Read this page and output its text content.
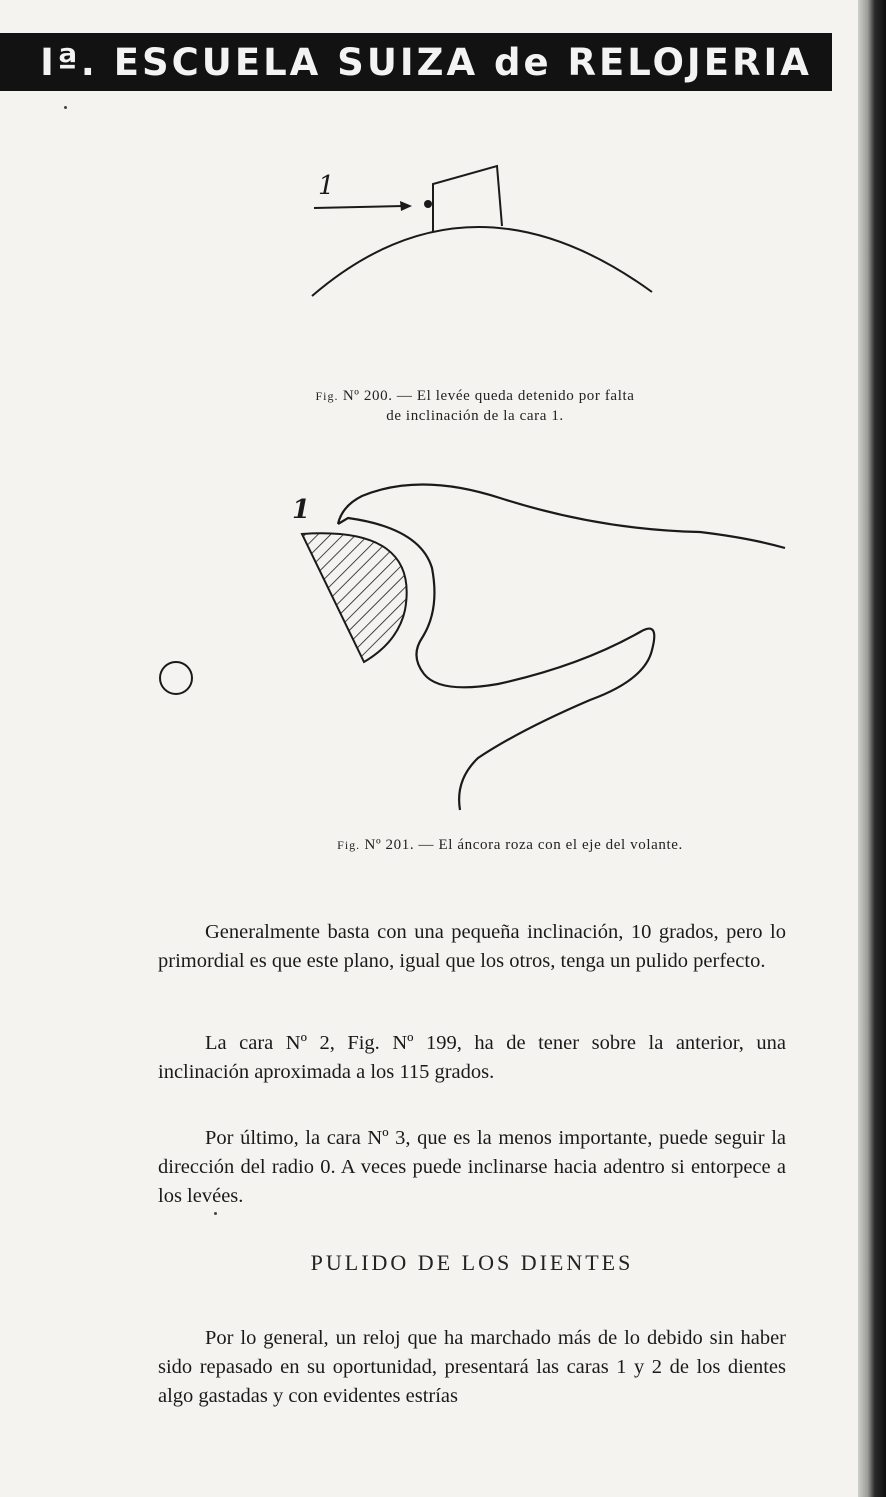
Iª. ESCUELA SUIZA de RELOJERIA
1
Fig. Nº 200. — El levée queda detenido por falta
de inclinación de la cara 1.
1
Fig. Nº 201. — El áncora roza con el eje del volante.

Generalmente basta con una pequeña inclinación, 10 grados, pero lo primordial es que este plano, igual que los otros, tenga un pulido perfecto.

La cara Nº 2, Fig. Nº 199, ha de tener sobre la anterior, una inclinación aproximada a los 115 grados.

Por último, la cara Nº 3, que es la menos importante, puede seguir la dirección del radio 0. A veces puede inclinarse hacia adentro si entorpece a los levées.

PULIDO DE LOS DIENTES

Por lo general, un reloj que ha marchado más de lo debido sin haber sido repasado en su oportunidad, presentará las caras 1 y 2 de los dientes algo gastadas y con evidentes estrías
